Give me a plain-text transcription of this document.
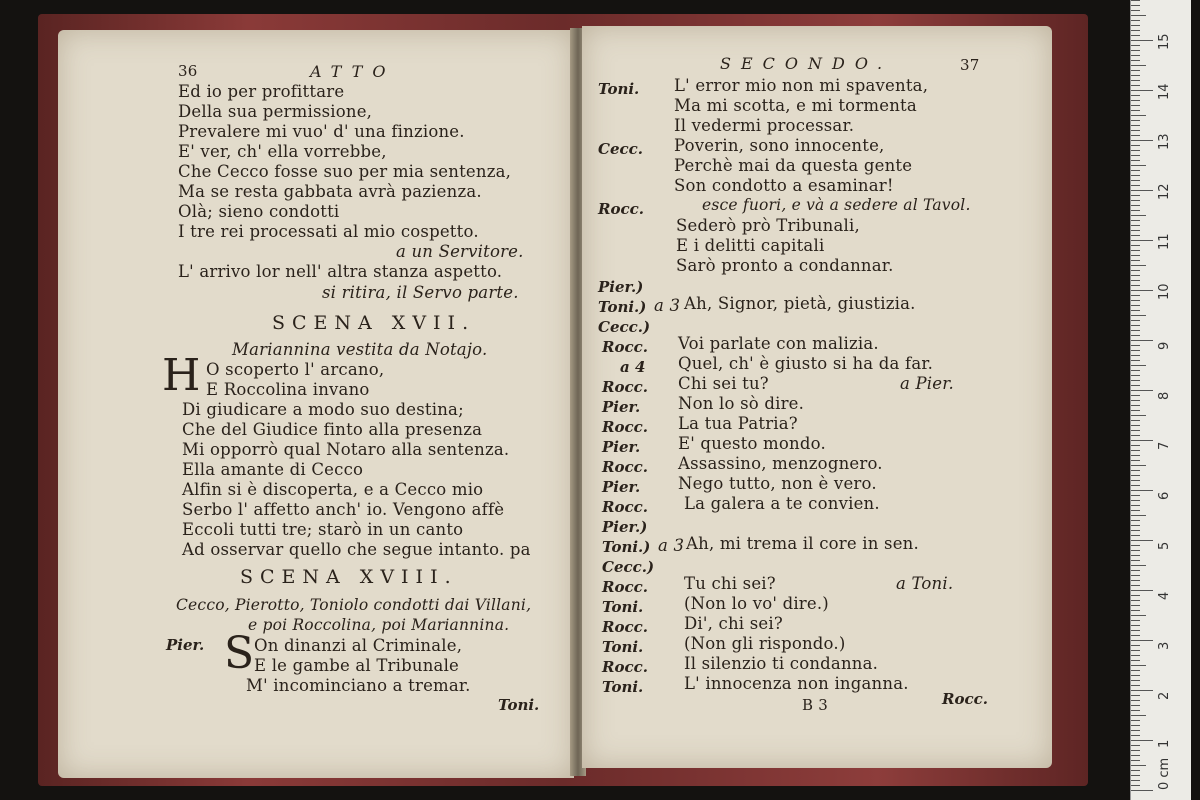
36	ATTO
Ed io per profittare
Della sua permissione,
Prevalere mi vuo' d' una finzione.
E' ver, ch' ella vorrebbe,
Che Cecco fosse suo per mia sentenza,
Ma se resta gabbata avrà pazienza.
Olà; sieno condotti
I tre rei processati al mio cospetto.
a un Servitore.
L' arrivo lor nell' altra stanza aspetto.
si ritira, il Servo parte.
SCENA XVII.
Mariannina vestita da Notajo.
H O scoperto l' arcano,
E Roccolina invano
Di giudicare a modo suo destina;
Che del Giudice finto alla presenza
Mi opporrò qual Notaro alla sentenza.
Ella amante di Cecco
Alfin si è discoperta, e a Cecco mio
Serbo l' affetto anch' io. Vengono affè
Eccoli tutti tre; starò in un canto
Ad osservar quello che segue intanto. pa
SCENA XVIII.
Cecco, Pierotto, Toniolo condotti dai Villani,
e poi Roccolina, poi Mariannina.
Pier. S On dinanzi al Criminale,
E le gambe al Tribunale
M' incominciano a tremar.
Toni.
SECONDO.	37
Toni. L' error mio non mi spaventa,
Ma mi scotta, e mi tormenta
Il vedermi processar.
Cecc. Poverin, sono innocente,
Perchè mai da questa gente
Son condotto a esaminar!
Rocc.	esce fuori, e và a sedere al Tavol.
Sederò prò Tribunali,
E i delitti capitali
Sarò pronto a condannar.
Pier.)
Toni.)
Cecc.)
a 3 Ah, Signor, pietà, giustizia.
Rocc. Voi parlate con malizia.
a 4 Quel, ch' è giusto si ha da far.
Rocc. Chi sei tu?	a Pier.
Pier. Non lo sò dire.
Rocc. La tua Patria?
Pier. E' questo mondo.
Rocc. Assassino, menzognero.
Pier. Nego tutto, non è vero.
Rocc. La galera a te convien.
Pier.)
Toni.)
Cecc.)
a 3 Ah, mi trema il core in sen.
Rocc. Tu chi sei?	a Toni.
Toni. (Non lo vo' dire.)
Rocc. Di', chi sei?
Toni. (Non gli rispondo.)
Rocc. Il silenzio ti condanna.
Toni. L' innocenza non inganna.
B 3	Rocc.
0 cm
1
2
3
4
5
6
7
8
9
10
11
12
13
14
15
